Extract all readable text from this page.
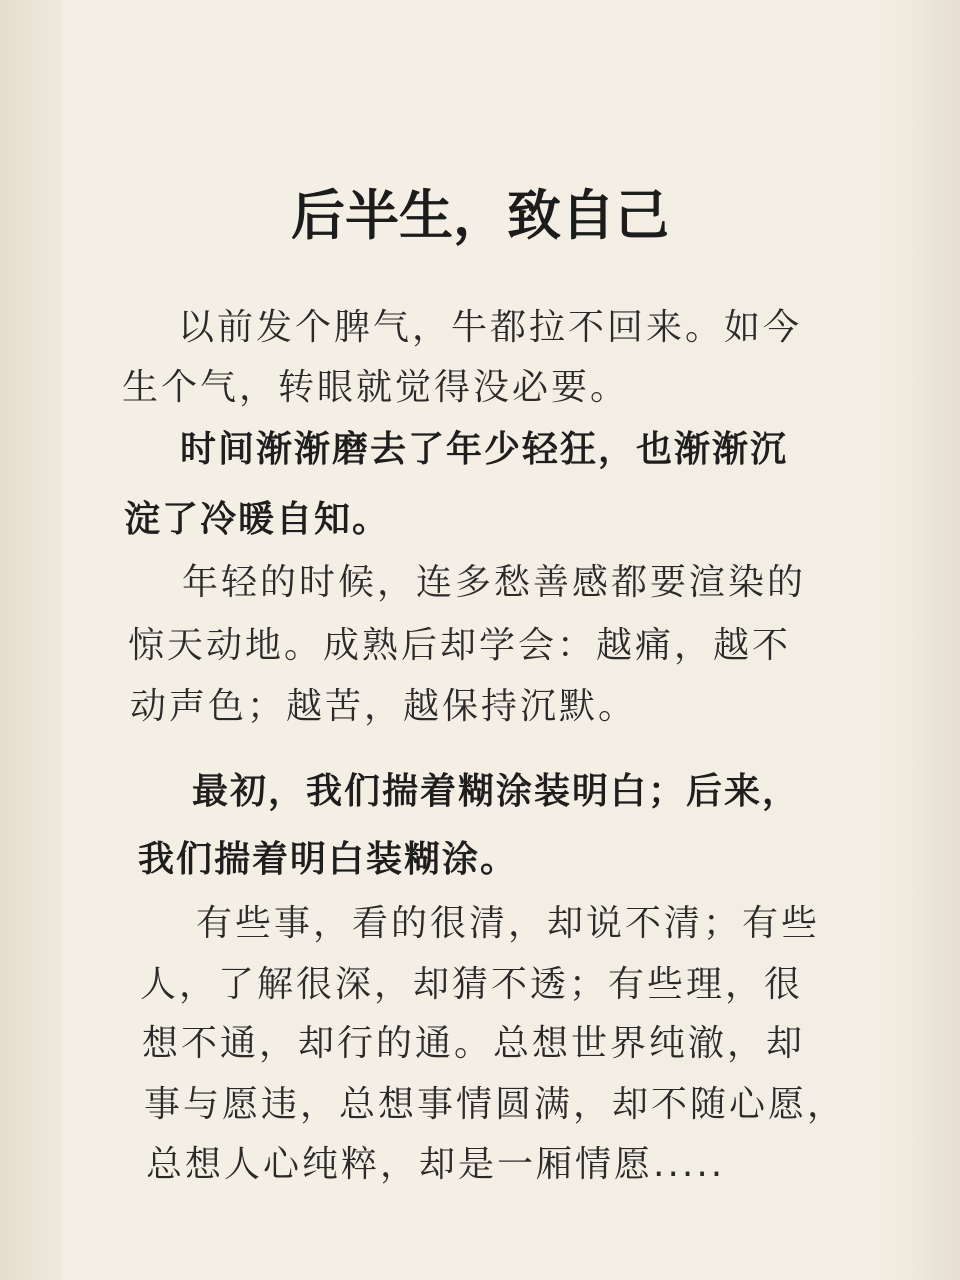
后半生，致自己
以前发个脾气，牛都拉不回来。如今
生个气，转眼就觉得没必要。
时间渐渐磨去了年少轻狂，也渐渐沉
淀了冷暖自知。
年轻的时候，连多愁善感都要渲染的
惊天动地。成熟后却学会：越痛，越不
动声色；越苦，越保持沉默。
最初，我们揣着糊涂装明白；后来，
我们揣着明白装糊涂。
有些事，看的很清，却说不清；有些
人，了解很深，却猜不透；有些理，很
想不通，却行的通。总想世界纯澈，却
事与愿违，总想事情圆满，却不随心愿，
总想人心纯粹，却是一厢情愿.....
